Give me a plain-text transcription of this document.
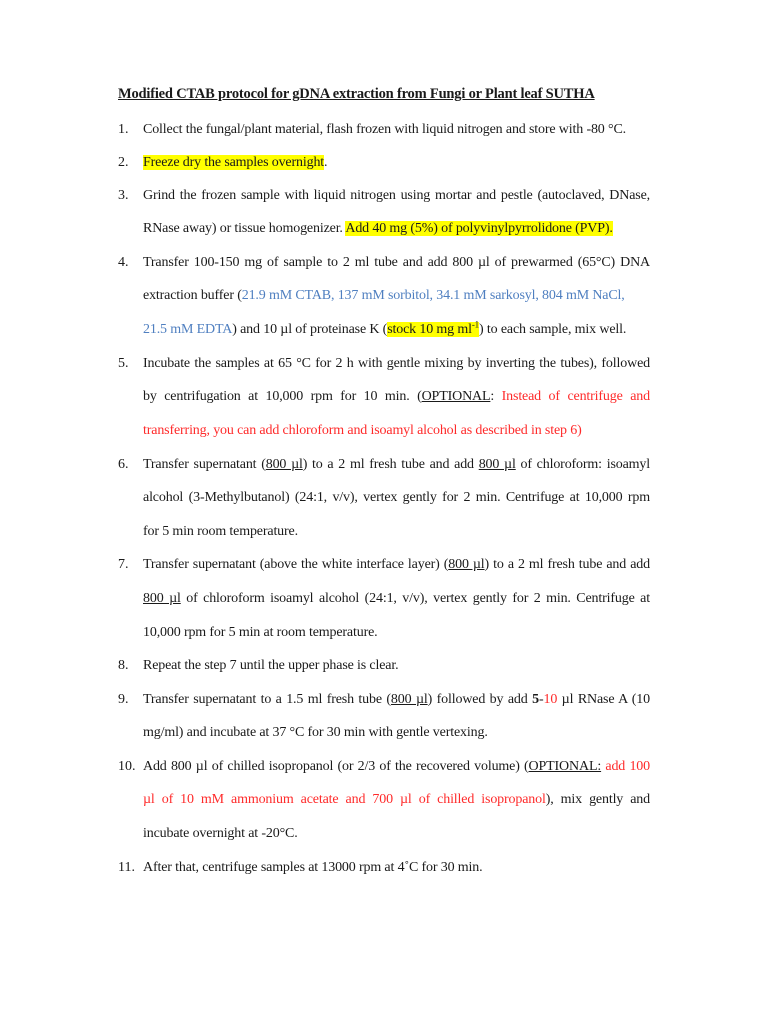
Modified CTAB protocol for gDNA extraction from Fungi or Plant leaf SUTHA
1. Collect the fungal/plant material, flash frozen with liquid nitrogen and store with -80 °C.
2. Freeze dry the samples overnight.
3. Grind the frozen sample with liquid nitrogen using mortar and pestle (autoclaved, DNase,
RNase away) or tissue homogenizer. Add 40 mg (5%) of polyvinylpyrrolidone (PVP).
4. Transfer 100-150 mg of sample to 2 ml tube and add 800 µl of prewarmed (65°C) DNA
extraction buffer (21.9 mM CTAB, 137 mM sorbitol, 34.1 mM sarkosyl, 804 mM NaCl,
21.5 mM EDTA) and 10 µl of proteinase K (stock 10 mg $ml^{-1}$) to each sample, mix well.
5. Incubate the samples at 65 °C for 2 h with gentle mixing by inverting the tubes), followed
by centrifugation at 10,000 rpm for 10 min. (OPTIONAL: Instead of centrifuge and
transferring, you can add chloroform and isoamyl alcohol as described in step 6)
6. Transfer supernatant (800 µl) to a 2 ml fresh tube and add 800 µl of chloroform: isoamyl
alcohol (3-Methylbutanol) (24:1, v/v), vertex gently for 2 min. Centrifuge at 10,000 rpm
for 5 min room temperature.
7. Transfer supernatant (above the white interface layer) (800 µl) to a 2 ml fresh tube and add
800 µl of chloroform isoamyl alcohol (24:1, v/v), vertex gently for 2 min. Centrifuge at
10,000 rpm for 5 min at room temperature.
8. Repeat the step 7 until the upper phase is clear.
9. Transfer supernatant to a 1.5 ml fresh tube (800 µl) followed by add 5-10 µl RNase A (10
mg/ml) and incubate at 37 °C for 30 min with gentle vertexing.
10. Add 800 µl of chilled isopropanol (or 2/3 of the recovered volume) (OPTIONAL: add 100
µl of 10 mM ammonium acetate and 700 µl of chilled isopropanol), mix gently and
incubate overnight at -20°C.
11. After that, centrifuge samples at 13000 rpm at 4˚C for 30 min.
